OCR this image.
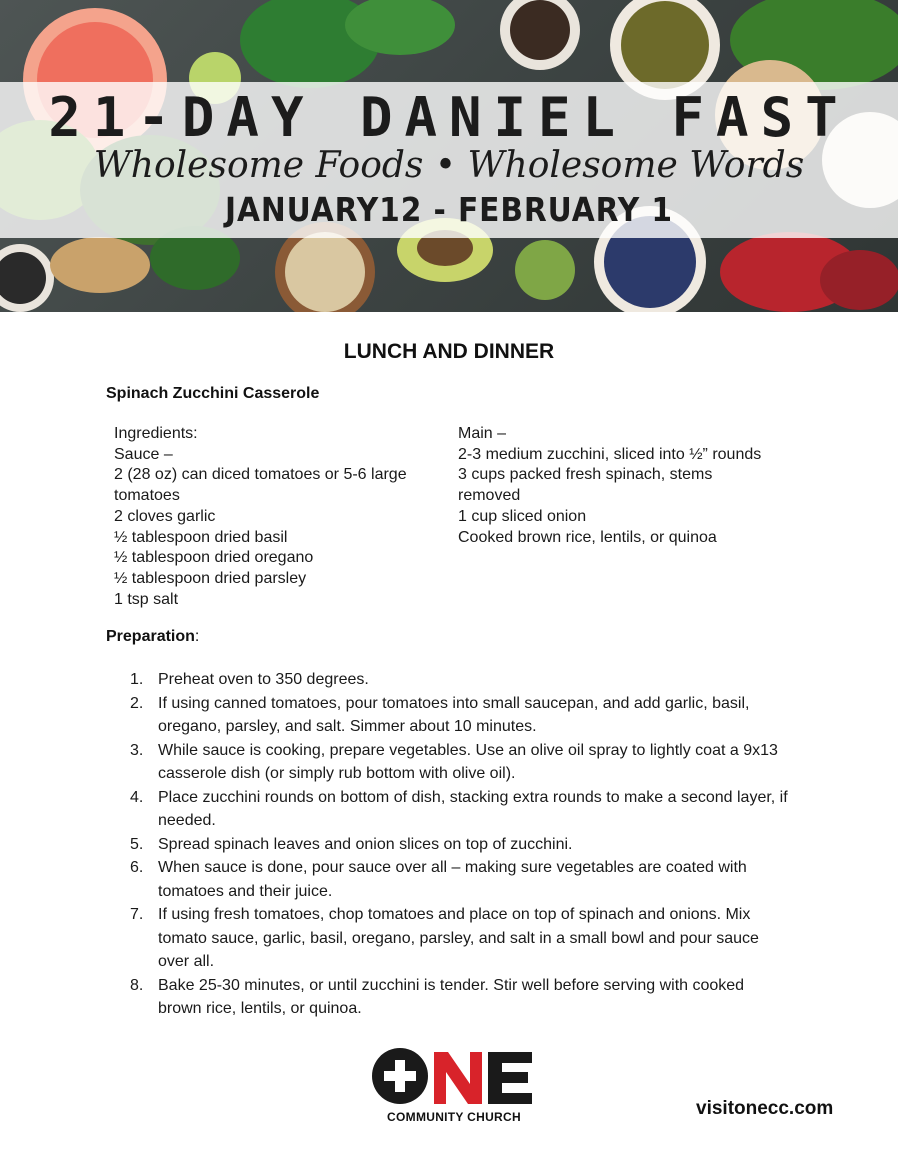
21-DAY DANIEL FAST
Wholesome Foods • Wholesome Words
JANUARY12 - FEBRUARY 1
LUNCH AND DINNER
Spinach Zucchini Casserole
Ingredients:
Sauce –
2 (28 oz) can diced tomatoes or 5-6 large tomatoes
2 cloves garlic
½ tablespoon dried basil
½ tablespoon dried oregano
½ tablespoon dried parsley
1 tsp salt
Main –
2-3 medium zucchini, sliced into ½” rounds
3 cups packed fresh spinach, stems removed
1 cup sliced onion
Cooked brown rice, lentils, or quinoa
Preparation:
1. Preheat oven to 350 degrees.
2. If using canned tomatoes, pour tomatoes into small saucepan, and add garlic, basil, oregano, parsley, and salt. Simmer about 10 minutes.
3. While sauce is cooking, prepare vegetables. Use an olive oil spray to lightly coat a 9x13 casserole dish (or simply rub bottom with olive oil).
4. Place zucchini rounds on bottom of dish, stacking extra rounds to make a second layer, if needed.
5. Spread spinach leaves and onion slices on top of zucchini.
6. When sauce is done, pour sauce over all – making sure vegetables are coated with tomatoes and their juice.
7. If using fresh tomatoes, chop tomatoes and place on top of spinach and onions. Mix tomato sauce, garlic, basil, oregano, parsley, and salt in a small bowl and pour sauce over all.
8. Bake 25-30 minutes, or until zucchini is tender. Stir well before serving with cooked brown rice, lentils, or quinoa.
COMMUNITY CHURCH	visitonecc.com
